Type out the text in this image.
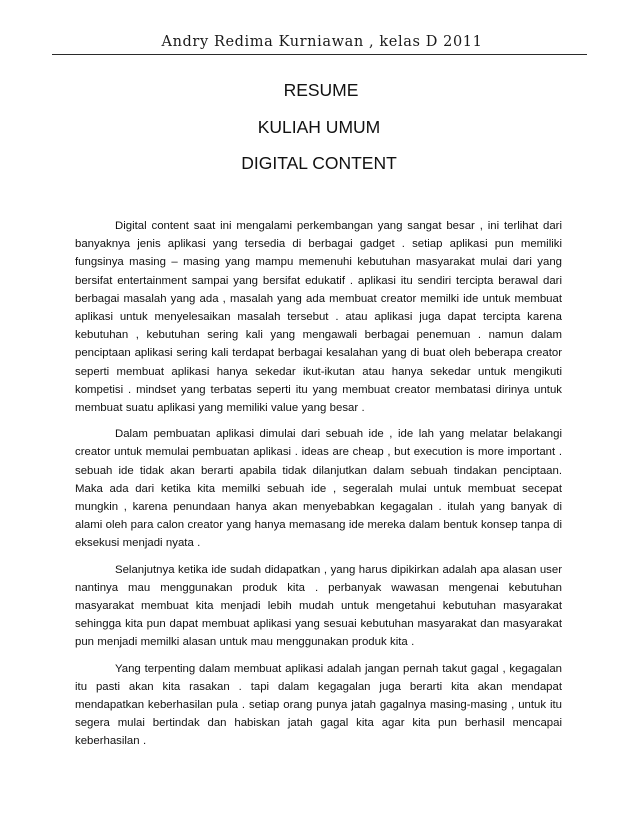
Andry Redima Kurniawan , kelas D 2011
RESUME
KULIAH UMUM
DIGITAL CONTENT

Digital content saat ini mengalami perkembangan yang sangat besar , ini terlihat dari banyaknya jenis aplikasi yang tersedia di berbagai gadget . setiap aplikasi pun memiliki fungsinya masing – masing yang mampu memenuhi kebutuhan masyarakat mulai dari yang bersifat entertainment sampai yang bersifat edukatif . aplikasi itu sendiri tercipta berawal dari berbagai masalah yang ada , masalah yang ada membuat creator memilki ide untuk membuat aplikasi untuk menyelesaikan masalah tersebut . atau aplikasi juga dapat tercipta karena kebutuhan , kebutuhan sering kali yang mengawali berbagai penemuan . namun dalam penciptaan aplikasi sering kali terdapat berbagai kesalahan yang di buat oleh beberapa creator seperti membuat aplikasi hanya sekedar ikut-ikutan atau hanya sekedar untuk mengikuti kompetisi . mindset yang terbatas seperti itu yang membuat creator membatasi dirinya untuk membuat suatu aplikasi yang memiliki value yang besar .

Dalam pembuatan aplikasi dimulai dari sebuah ide , ide lah yang melatar belakangi creator untuk memulai pembuatan aplikasi . ideas are cheap , but execution is more important . sebuah ide tidak akan berarti apabila tidak dilanjutkan dalam sebuah tindakan penciptaan. Maka ada dari ketika kita memilki sebuah ide , segeralah mulai untuk membuat secepat mungkin , karena penundaan hanya akan menyebabkan kegagalan . itulah yang banyak di alami oleh para calon creator yang hanya memasang ide mereka dalam bentuk konsep tanpa di eksekusi menjadi nyata .

Selanjutnya ketika ide sudah didapatkan , yang harus dipikirkan adalah apa alasan user nantinya mau menggunakan produk kita . perbanyak wawasan mengenai kebutuhan masyarakat membuat kita menjadi lebih mudah untuk mengetahui kebutuhan masyarakat sehingga kita pun dapat membuat aplikasi yang sesuai kebutuhan masyarakat dan masyarakat pun menjadi memilki alasan untuk mau menggunakan produk kita .

Yang terpenting dalam membuat aplikasi adalah jangan pernah takut gagal , kegagalan itu pasti akan kita rasakan . tapi dalam kegagalan juga berarti kita akan mendapat mendapatkan keberhasilan pula . setiap orang punya jatah gagalnya masing-masing , untuk itu segera mulai bertindak dan habiskan jatah gagal kita agar kita pun berhasil mencapai keberhasilan .
